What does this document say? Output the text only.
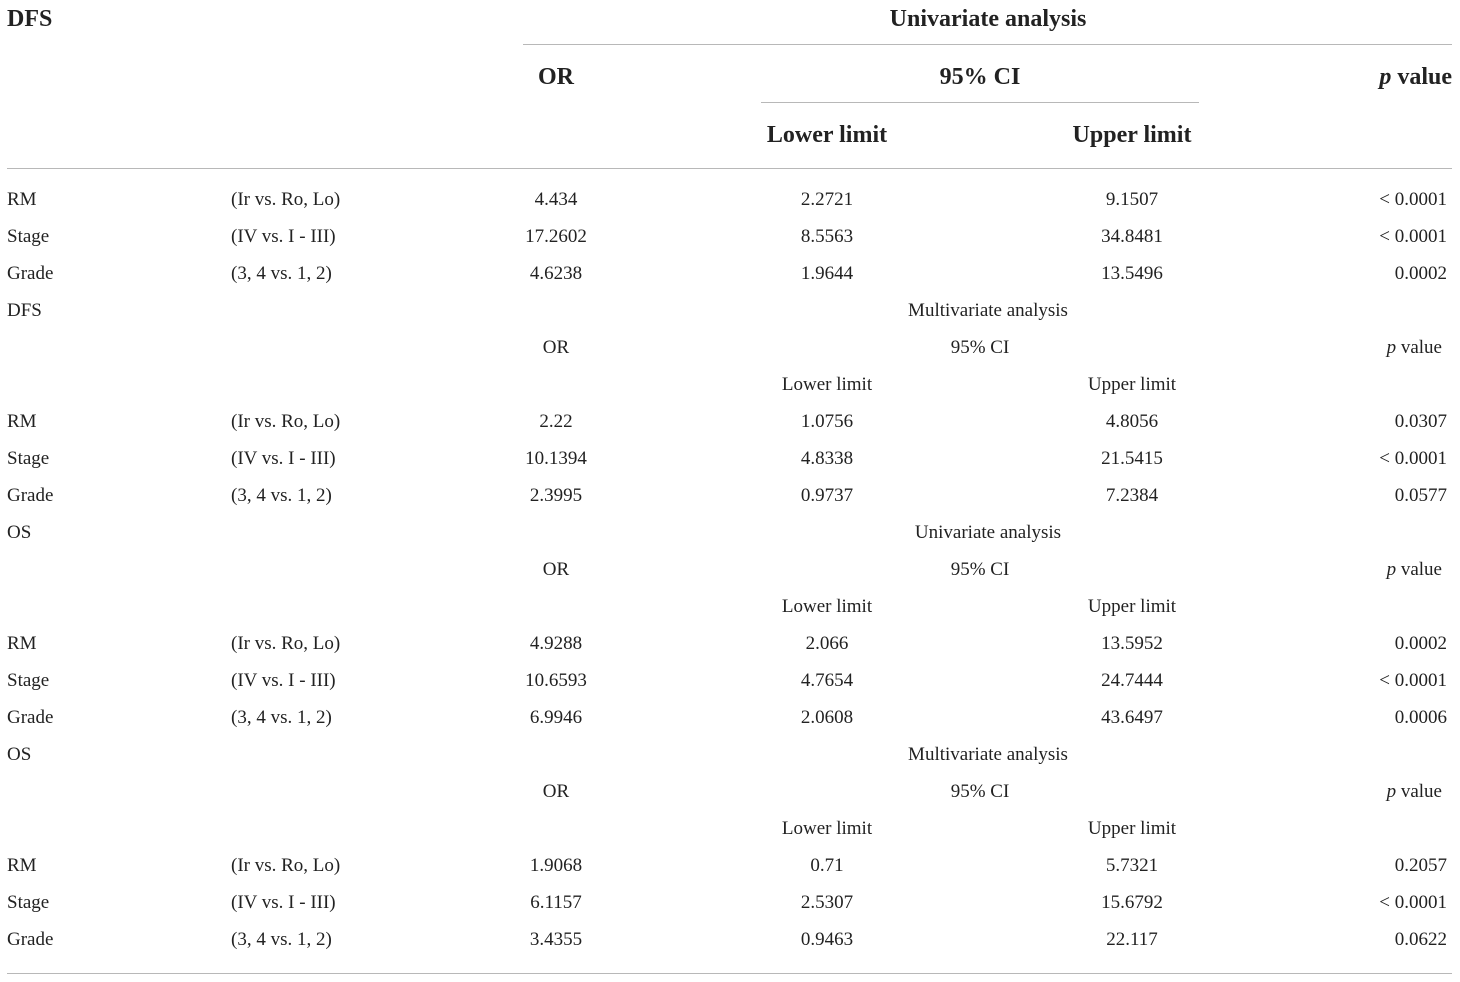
DFS	Univariate analysis
OR	95% CI	p value
Lower limit	Upper limit
RM	(Ir vs. Ro, Lo)	4.434	2.2721	9.1507	< 0.0001
Stage	(IV vs. I - III)	17.2602	8.5563	34.8481	< 0.0001
Grade	(3, 4 vs. 1, 2)	4.6238	1.9644	13.5496	0.0002
DFS	Multivariate analysis
OR	95% CI	p value
Lower limit	Upper limit
RM	(Ir vs. Ro, Lo)	2.22	1.0756	4.8056	0.0307
Stage	(IV vs. I - III)	10.1394	4.8338	21.5415	< 0.0001
Grade	(3, 4 vs. 1, 2)	2.3995	0.9737	7.2384	0.0577
OS	Univariate analysis
OR	95% CI	p value
Lower limit	Upper limit
RM	(Ir vs. Ro, Lo)	4.9288	2.066	13.5952	0.0002
Stage	(IV vs. I - III)	10.6593	4.7654	24.7444	< 0.0001
Grade	(3, 4 vs. 1, 2)	6.9946	2.0608	43.6497	0.0006
OS	Multivariate analysis
OR	95% CI	p value
Lower limit	Upper limit
RM	(Ir vs. Ro, Lo)	1.9068	0.71	5.7321	0.2057
Stage	(IV vs. I - III)	6.1157	2.5307	15.6792	< 0.0001
Grade	(3, 4 vs. 1, 2)	3.4355	0.9463	22.117	0.0622
